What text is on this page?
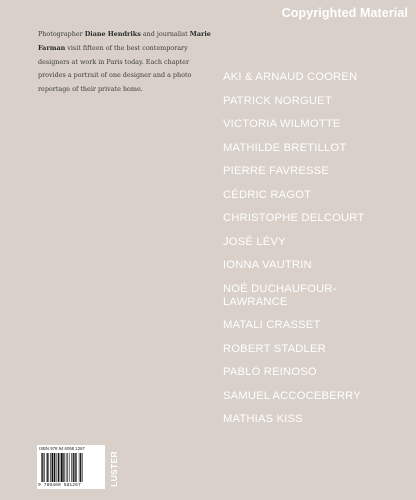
Copyrighted Material

Photographer Diane Hendriks and journalist Marie Farman visit fifteen of the best contemporary designers at work in Paris today. Each chapter provides a portrait of one designer and a photo reportage of their private home.

AKI & ARNAUD COOREN
PATRICK NORGUET
VICTORIA WILMOTTE
MATHILDE BRETILLOT
PIERRE FAVRESSE
CÉDRIC RAGOT
CHRISTOPHE DELCOURT
JOSÉ LÉVY
IONNA VAUTRIN
NOÉ DUCHAUFOUR-
LAWRANCE
MATALI CRASSET
ROBERT STADLER
PABLO REINOSO
SAMUEL ACCOCEBERRY
MATHIAS KISS
ISBN 978 94 6058 1267
9 789460 581267	LUSTER
